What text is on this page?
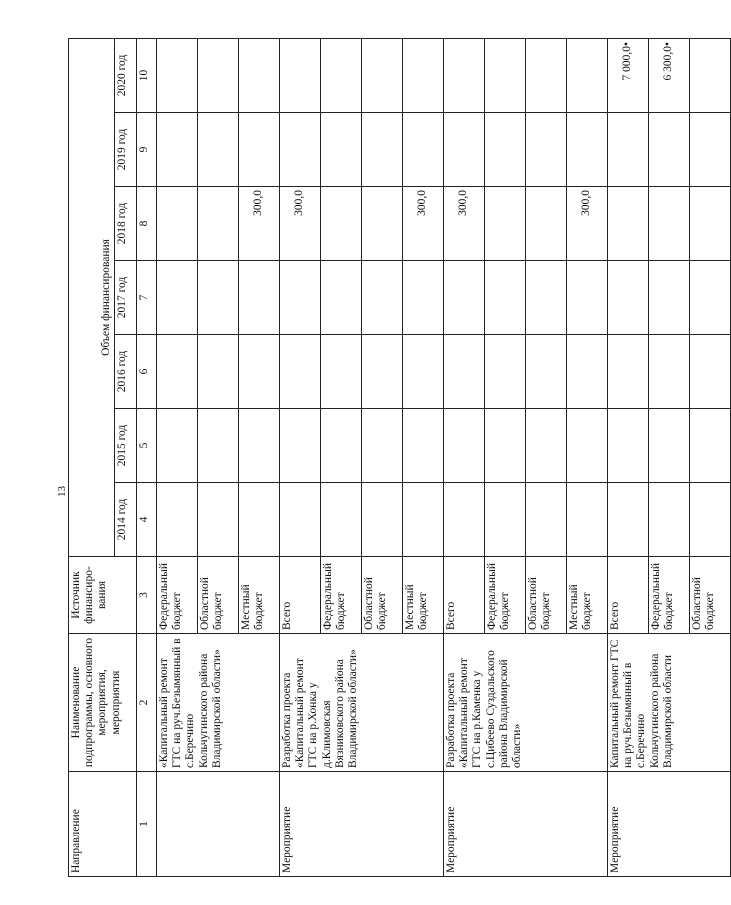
13
Направление	Наименование подпрограммы, основного мероприятия, мероприятия	Источник финансиро-вания	Объем финансирования						
			2014 год	2015 год	2016 год	2017 год	2018 год	2019 год	2020 год
1	2	3	4	5	6	7	8	9	10
	«Капитальный ремонт ГТС на руч.Безымянный в с.Беречино Кольчугинского района Владимирской области»	Федеральный бюджет							
		Областной бюджет							
		Местный бюджет					300,0		
Мероприятие	Разработка проекта «Капитальный ремонт ГТС на р.Хонка у д.Климовская Вязниковского района Владимирской области»	Всего					300,0		
		Федеральный бюджет							
		Областной бюджет							
		Местный бюджет					300,0		
Мероприятие	Разработка проекта «Капитальный ремонт ГТС на р.Каменка у с.Цибеево Суздальского района Владимирской области»	Всего					300,0		
		Федеральный бюджет							
		Областной бюджет							
		Местный бюджет					300,0		
Мероприятие	Капитальный ремонт ГТС на руч.Безымянный в с.Беречино Кольчугинского района Владимирской области	Всего							7 000,0•
		Федеральный бюджет							6 300,0•
		Областной бюджет							
